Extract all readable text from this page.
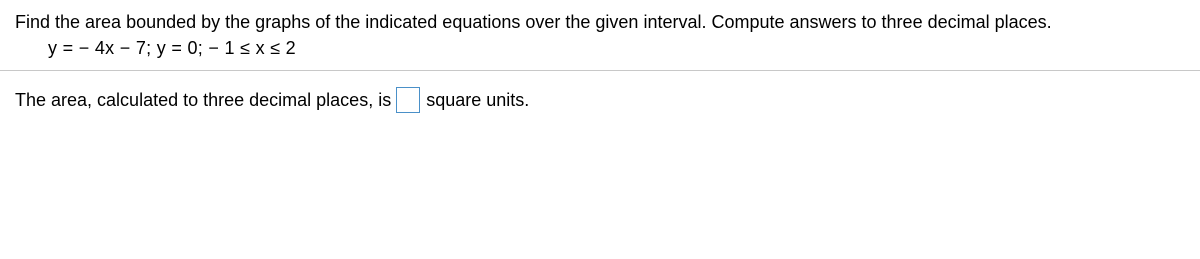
Find the area bounded by the graphs of the indicated equations over the given interval. Compute answers to three decimal places.
y = − 4x − 7; y = 0; − 1 ≤ x ≤ 2
The area, calculated to three decimal places, is square units.
